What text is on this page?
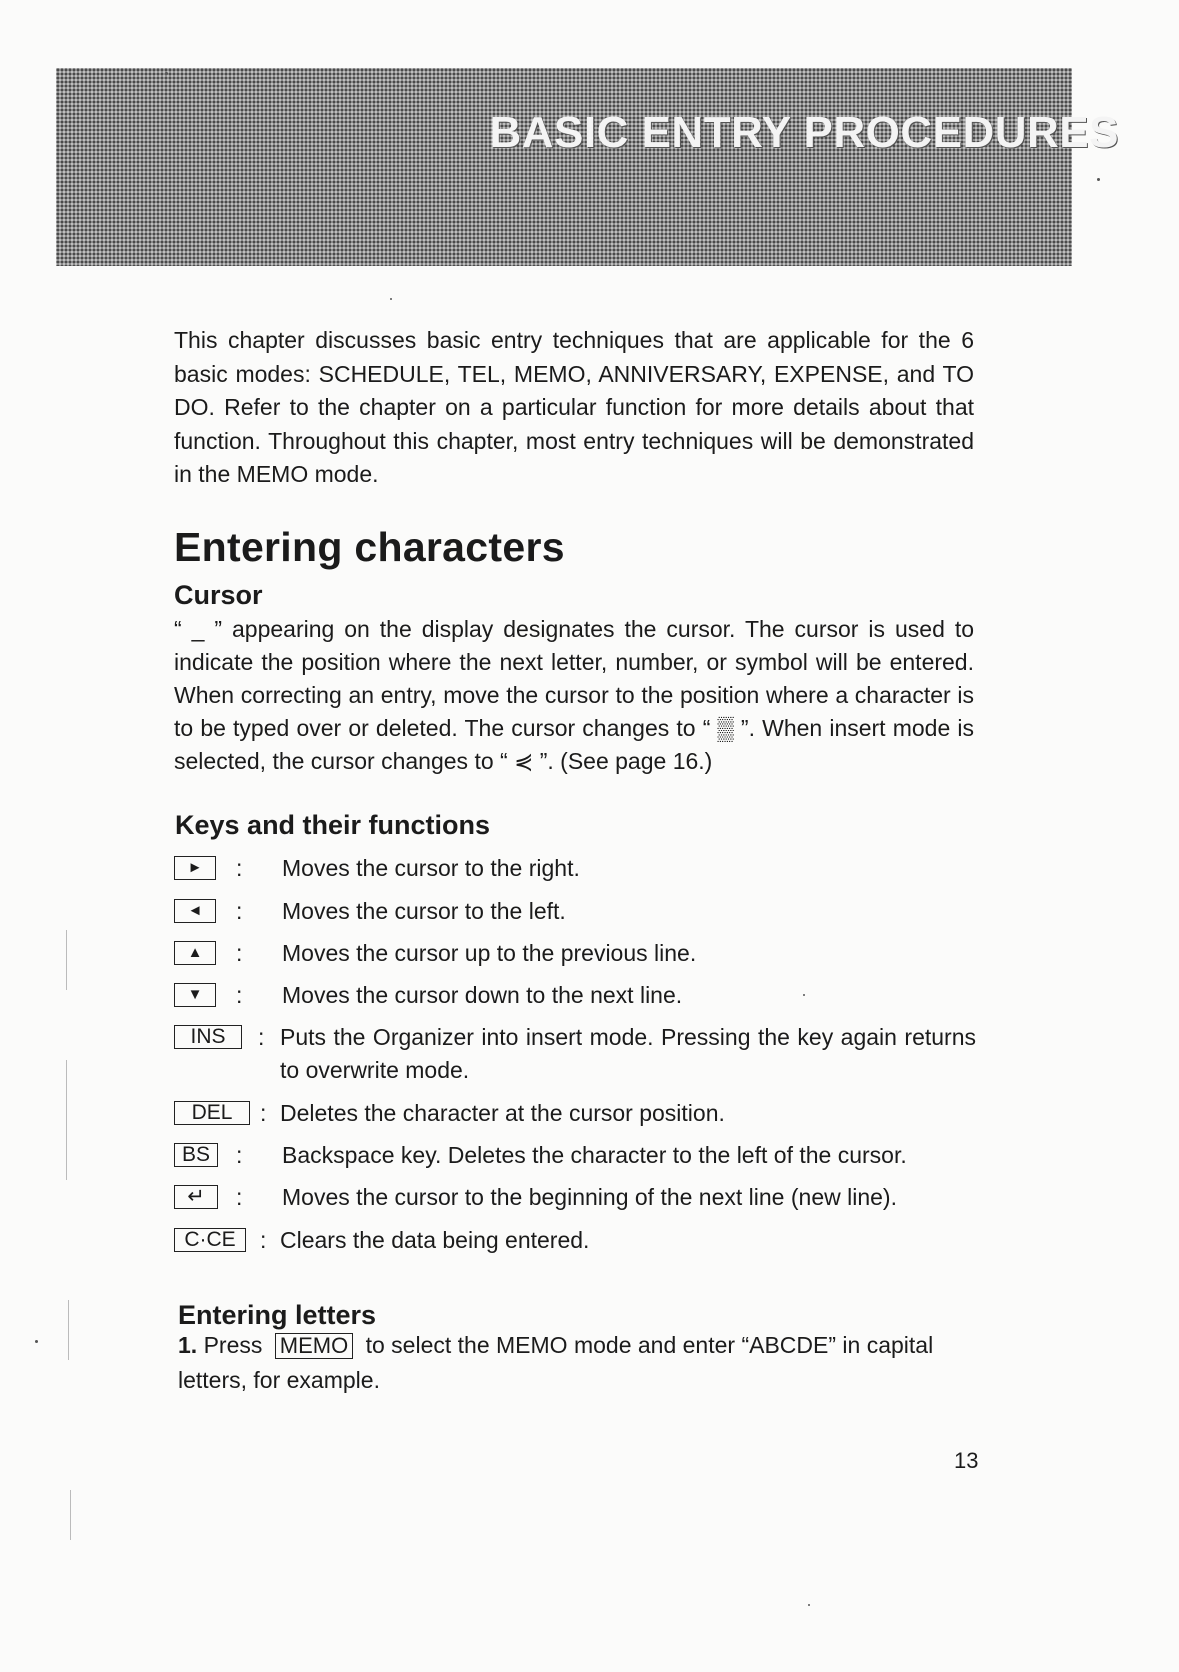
BASIC ENTRY PROCEDURES

This chapter discusses basic entry techniques that are applicable for the 6 basic modes: SCHEDULE, TEL, MEMO, ANNIVERSARY, EXPENSE, and TO DO. Refer to the chapter on a particular function for more details about that function. Throughout this chapter, most entry techniques will be demonstrated in the MEMO mode.

Entering characters
Cursor

“ _ ” appearing on the display designates the cursor. The cursor is used to indicate the position where the next letter, number, or symbol will be entered. When correcting an entry, move the cursor to the position where a character is to be typed over or deleted. The cursor changes to “ ▒ ”. When insert mode is selected, the cursor changes to “ ⋞ ”. (See page 16.)

Keys and their functions
►	: Moves the cursor to the right.
◄	: Moves the cursor to the left.
▲	: Moves the cursor up to the previous line.
▼	: Moves the cursor down to the next line.
INS	: Puts the Organizer into insert mode. Pressing the key again returns to overwrite mode.
DEL	: Deletes the character at the cursor position.
BS	: Backspace key. Deletes the character to the left of the cursor.
↵	: Moves the cursor to the beginning of the next line (new line).
C·CE	: Clears the data being entered.
Entering letters
1. Press MEMO to select the MEMO mode and enter “ABCDE” in capital letters, for example.

13
